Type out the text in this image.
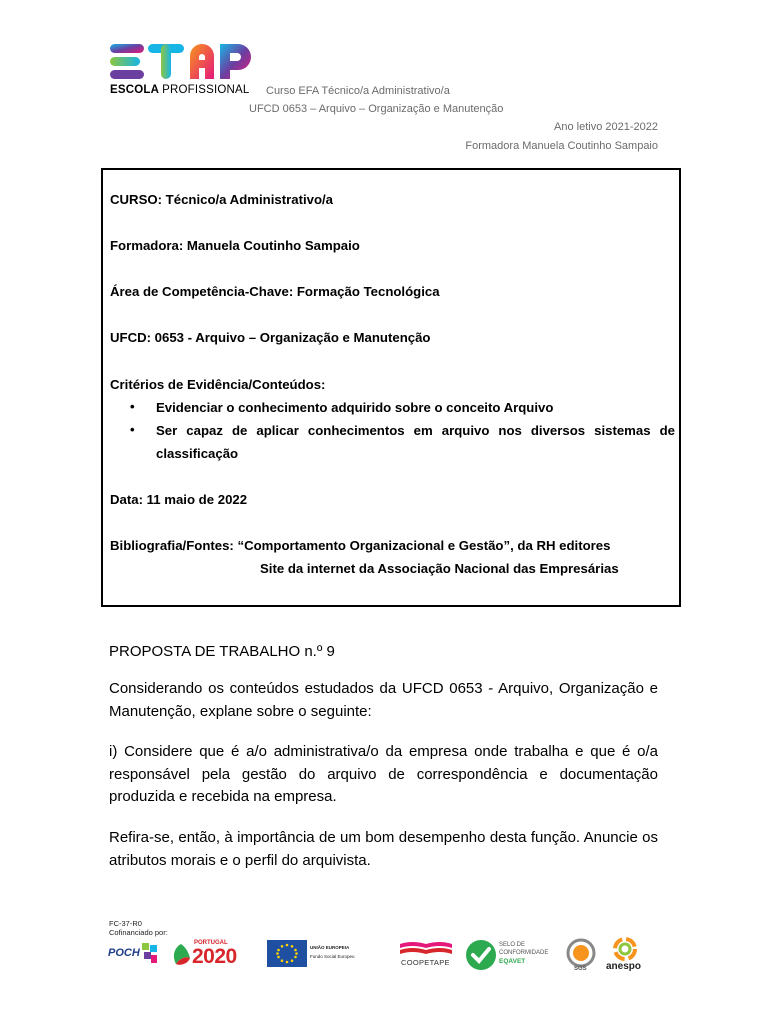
ESCOLA PROFISSIONAL Curso EFA Técnico/a Administrativo/a
UFCD 0653 – Arquivo – Organização e Manutenção
Ano letivo 2021-2022
Formadora Manuela Coutinho Sampaio
CURSO: Técnico/a Administrativo/a
Formadora: Manuela Coutinho Sampaio
Área de Competência-Chave: Formação Tecnológica
UFCD: 0653 - Arquivo – Organização e Manutenção
Critérios de Evidência/Conteúdos:
• Evidenciar o conhecimento adquirido sobre o conceito Arquivo
• Ser capaz de aplicar conhecimentos em arquivo nos diversos sistemas de classificação
Data: 11 maio de 2022
Bibliografia/Fontes: “Comportamento Organizacional e Gestão”, da RH editores
Site da internet da Associação Nacional das Empresárias
PROPOSTA DE TRABALHO n.º 9
Considerando os conteúdos estudados da UFCD 0653 - Arquivo, Organização e Manutenção, explane sobre o seguinte:
i) Considere que é a/o administrativa/o da empresa onde trabalha e que é o/a responsável pela gestão do arquivo de correspondência e documentação produzida e recebida na empresa.
Refira-se, então, à importância de um bom desempenho desta função. Anuncie os atributos morais e o perfil do arquivista.
FC-37-R0
Cofinanciado por:
POCH
PORTUGAL
2020	UNIÃO EUROPEIA
Fundo Social Europeu
COOPETAPE
SELO DE
CONFORMIDADE
EQAVET
SGS anespo
